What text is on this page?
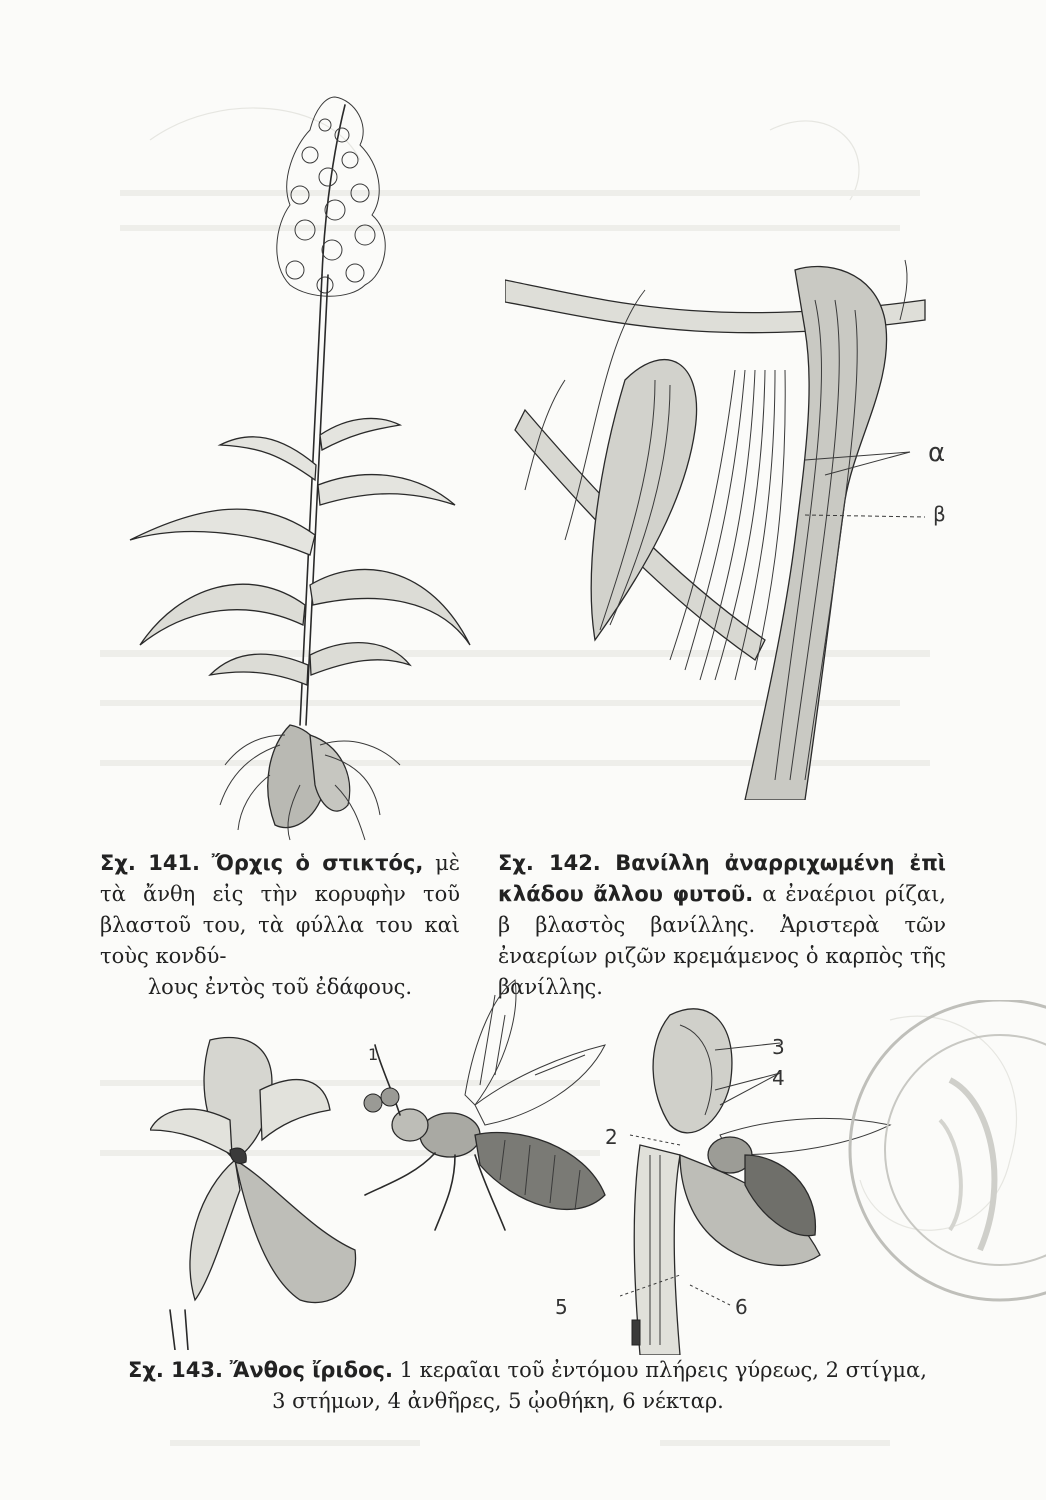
α
β
Σχ. 141. Ὄρχις ὁ στικτός, μὲ τὰ ἄνθη εἰς τὴν κορυφὴν τοῦ βλαστοῦ του, τὰ φύλλα του καὶ τοὺς κονδύ-
λους ἐντὸς τοῦ ἐδάφους.
Σχ. 142. Βανίλλη ἀναρριχωμένη ἐπὶ κλάδου ἄλλου φυτοῦ. α ἐναέριοι ρίζαι, β βλαστὸς βανίλλης. Ἀριστερὰ τῶν ἐναερίων ριζῶν κρεμάμενος ὁ καρπὸς τῆς βανίλλης.
1
2
3
4
5	6
Σχ. 143. Ἄνθος ἴριδος. 1 κεραῖαι τοῦ ἐντόμου πλήρεις γύρεως, 2 στίγμα,
3 στήμων, 4 ἀνθῆρες, 5 ᾠοθήκη, 6 νέκταρ.
